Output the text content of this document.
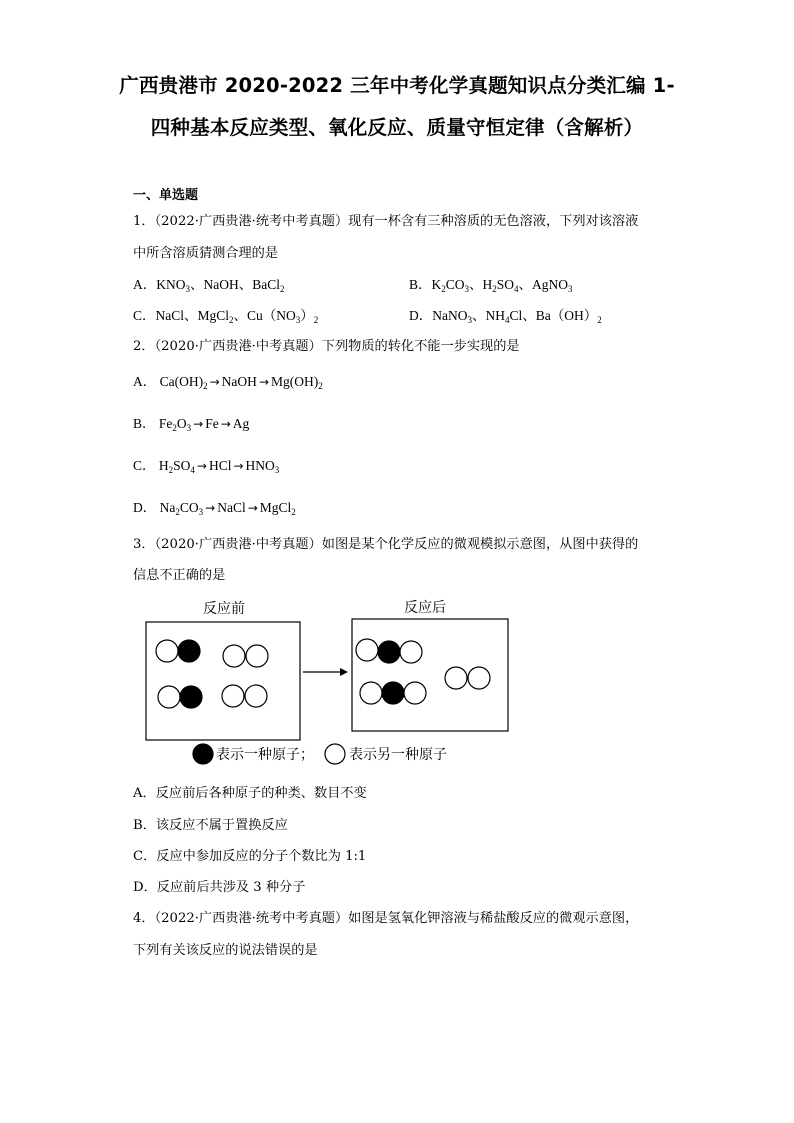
广西贵港市 2020-2022 三年中考化学真题知识点分类汇编 1-
四种基本反应类型、氧化反应、质量守恒定律（含解析）
一、单选题
1．（2022·广西贵港·统考中考真题）现有一杯含有三种溶质的无色溶液，下列对该溶液
中所含溶质猜测合理的是
A．$KNO_3$、NaOH、BaCl$_2$	B．$K_2CO_3$、$H_2SO_4$、AgNO$_3$
C．NaCl、MgCl$_2$、$Cu(NO_3)_2$	D．NaNO$_3$、$NH_4Cl$、$Ba(OH)_2$
2．（2020·广西贵港·中考真题）下列物质的转化不能一步实现的是
A． $Ca(OH)_2$ → NaOH → $Mg(OH)_2$
B． $Fe_2O_3 \to Fe \to Ag$
C． $H_2SO_4$ → HCl → $HNO_3$
D． $Na_2CO_3$ → NaCl → MgCl$_2$
3．（2020·广西贵港·中考真题）如图是某个化学反应的微观模拟示意图，从图中获得的
信息不正确的是
反应前	反应后
表示一种原子；	表示另一种原子
A．反应前后各种原子的种类、数目不变
B．该反应不属于置换反应
C．反应中参加反应的分子个数比为 1:1
D．反应前后共涉及 3 种分子
4．（2022·广西贵港·统考中考真题）如图是氢氧化钾溶液与稀盐酸反应的微观示意图，
下列有关该反应的说法错误的是
